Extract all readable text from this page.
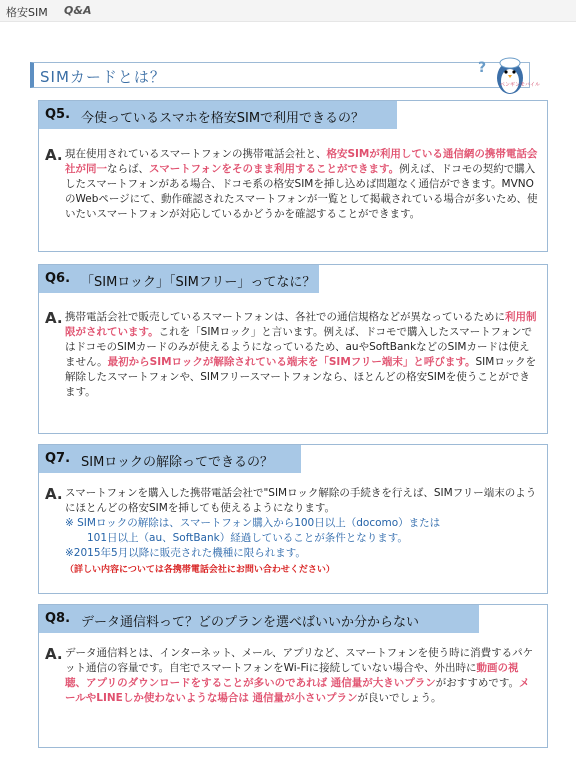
格安SIM Q&A
SIMカードとは？	?
ペンギンモバイル
Q5. 今使っているスマホを格安SIMで利用できるの？
A. 現在使用されているスマートフォンの携帯電話会社と、格安SIMが利用している通信網の携帯電話会社が同一ならば、スマートフォンをそのまま利用することができます。例えば、ドコモの契約で購入したスマートフォンがある場合、ドコモ系の格安SIMを挿し込めば問題なく通信ができます。MVNOのWebページにて、動作確認されたスマートフォンが一覧として掲載されている場合が多いため、使いたいスマートフォンが対応しているかどうかを確認することができます。
Q6. 「SIMロック」「SIMフリー」ってなに？
A. 携帯電話会社で販売しているスマートフォンは、各社での通信規格などが異なっているために利用制限がされています。これを「SIMロック」と言います。例えば、ドコモで購入したスマートフォンではドコモのSIMカードのみが使えるようになっているため、auやSoftBankなどのSIMカードは使えません。最初からSIMロックが解除されている端末を「SIMフリー端末」と呼びます。SIMロックを解除したスマートフォンや、SIMフリースマートフォンなら、ほとんどの格安SIMを使うことができます。
Q7. SIMロックの解除ってできるの？
A. スマートフォンを購入した携帯電話会社で"SIMロック解除の手続きを行えば、SIMフリー端末のようにほとんどの格安SIMを挿しても使えるようになります。
※ SIMロックの解除は、スマートフォン購入から100日以上（docomo）または
101日以上（au、SoftBank）経過していることが条件となります。
※2015年5月以降に販売された機種に限られます。
（詳しい内容については各携帯電話会社にお問い合わせください）
Q8. データ通信料って？どのプランを選べばいいか分からない
A. データ通信料とは、インターネット、メール、アプリなど、スマートフォンを使う時に消費するパケット通信の容量です。自宅でスマートフォンをWi-Fiに接続していない場合や、外出時に動画の視聴、アプリのダウンロードをすることが多いのであれば 通信量が大きいプランがおすすめです。メールやLINEしか使わないような場合は 通信量が小さいプランが良いでしょう。
